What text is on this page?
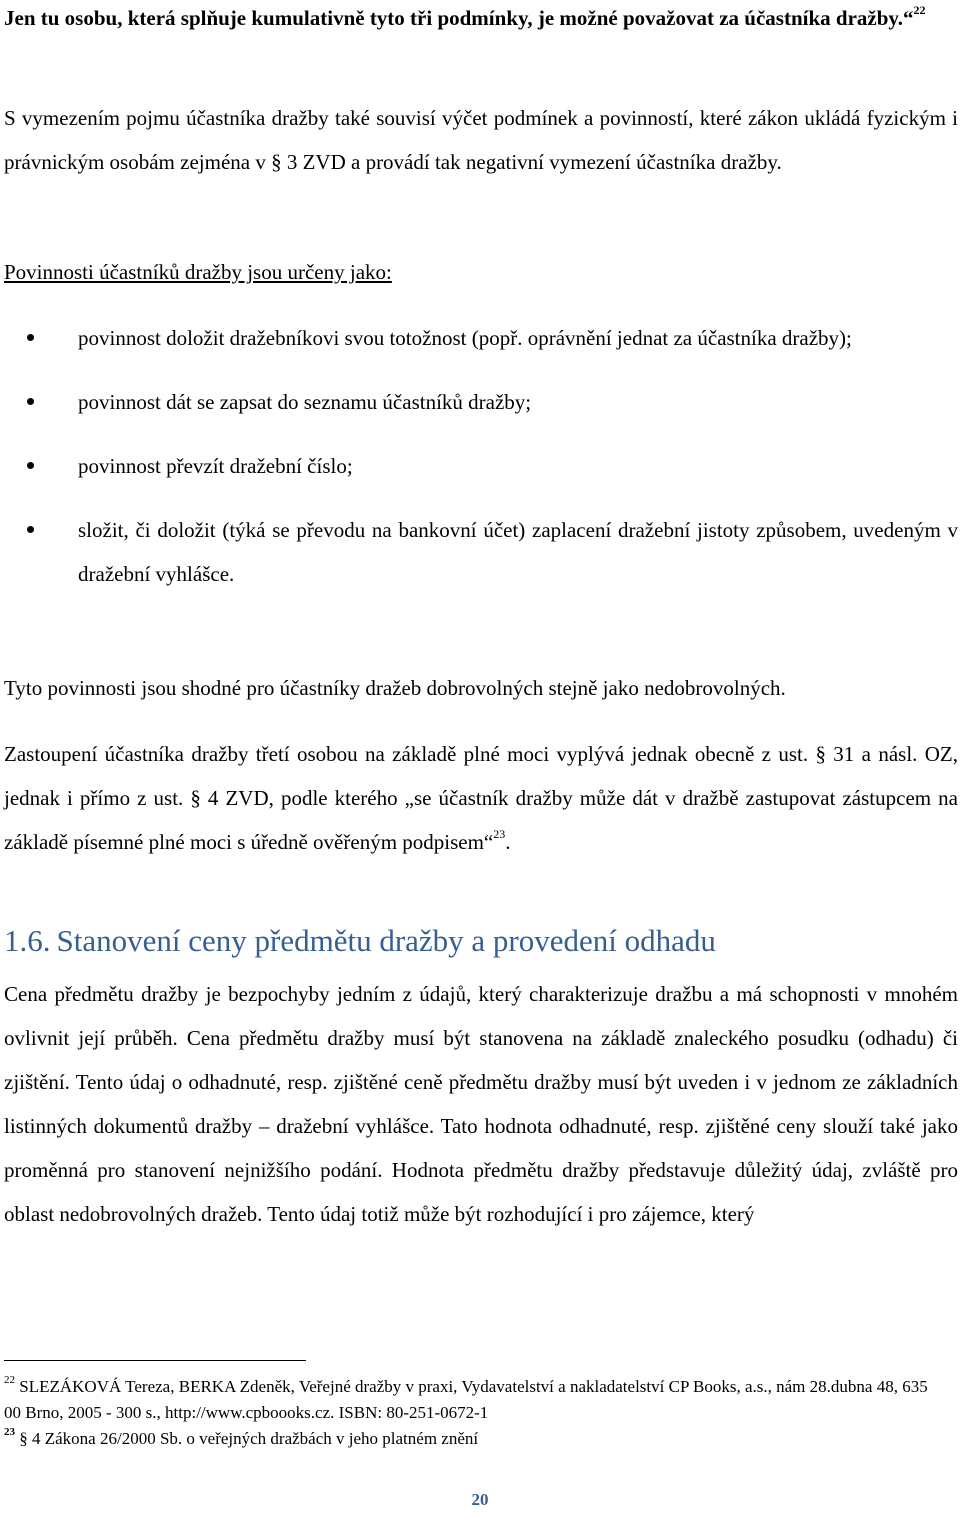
Jen tu osobu, která splňuje kumulativně tyto tři podmínky, je možné považovat za účastníka dražby.“$^{22}$

S vymezením pojmu účastníka dražby také souvisí výčet podmínek a povinností, které zákon ukládá fyzickým i právnickým osobám zejména v § 3 ZVD a provádí tak negativní vymezení účastníka dražby.

Povinnosti účastníků dražby jsou určeny jako:

povinnost doložit dražebníkovi svou totožnost (popř. oprávnění jednat za účastníka dražby);
povinnost dát se zapsat do seznamu účastníků dražby;
povinnost převzít dražební číslo;
složit, či doložit (týká se převodu na bankovní účet) zaplacení dražební jistoty způsobem, uvedeným v dražební vyhlášce.

Tyto povinnosti jsou shodné pro účastníky dražeb dobrovolných stejně jako nedobrovolných.

Zastoupení účastníka dražby třetí osobou na základě plné moci vyplývá jednak obecně z ust. § 31 a násl. OZ, jednak i přímo z ust. § 4 ZVD, podle kterého „se účastník dražby může dát v dražbě zastupovat zástupcem na základě písemné plné moci s úředně ověřeným podpisem“$^{23}$.

1.6. Stanovení ceny předmětu dražby a provedení odhadu

Cena předmětu dražby je bezpochyby jedním z údajů, který charakterizuje dražbu a má schopnosti v mnohém ovlivnit její průběh. Cena předmětu dražby musí být stanovena na základě znaleckého posudku (odhadu) či zjištění. Tento údaj o odhadnuté, resp. zjištěné ceně předmětu dražby musí být uveden i v jednom ze základních listinných dokumentů dražby – dražební vyhlášce. Tato hodnota odhadnuté, resp. zjištěné ceny slouží také jako proměnná pro stanovení nejnižšího podání. Hodnota předmětu dražby představuje důležitý údaj, zvláště pro oblast nedobrovolných dražeb. Tento údaj totiž může být rozhodující i pro zájemce, který

$^{22}$ SLEZÁKOVÁ Tereza, BERKA Zdeněk, Veřejné dražby v praxi, Vydavatelství a nakladatelství CP Books, a.s., nám 28.dubna 48, 635 00 Brno, 2005 - 300 s., http://www.cpboooks.cz. ISBN: 80-251-0672-1

$^{23}$ § 4 Zákona 26/2000 Sb. o veřejných dražbách v jeho platném znění

20
